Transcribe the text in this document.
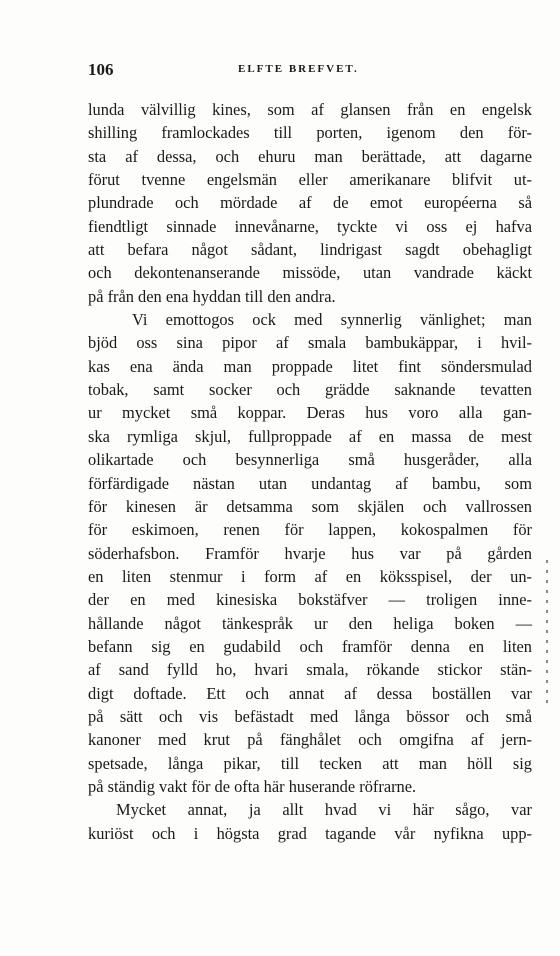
106	ELFTE BREFVET.
lunda välvillig kines, som af glansen från en engelsk
shilling framlockades till porten, igenom den för-
sta af dessa, och ehuru man berättade, att dagarne
förut tvenne engelsmän eller amerikanare blifvit ut-
plundrade och mördade af de emot européerna så
fiendtligt sinnade innevånarne, tyckte vi oss ej hafva
att befara något sådant, lindrigast sagdt obehagligt
och dekontenanserande missöde, utan vandrade käckt
på från den ena hyddan till den andra.
Vi emottogos ock med synnerlig vänlighet; man
bjöd oss sina pipor af smala bambukäppar, i hvil-
kas ena ända man proppade litet fint söndersmulad
tobak, samt socker och grädde saknande tevatten
ur mycket små koppar. Deras hus voro alla gan-
ska rymliga skjul, fullproppade af en massa de mest
olikartade och besynnerliga små husgeråder, alla
förfärdigade nästan utan undantag af bambu, som
för kinesen är detsamma som skjälen och vallrossen
för eskimoen, renen för lappen, kokospalmen för
söderhafsbon. Framför hvarje hus var på gården
en liten stenmur i form af en köksspisel, der un-
der en med kinesiska bokstäfver — troligen inne-
hållande något tänkespråk ur den heliga boken —
befann sig en gudabild och framför denna en liten
af sand fylld ho, hvari smala, rökande stickor stän-
digt doftade. Ett och annat af dessa boställen var
på sätt och vis befästadt med långa bössor och små
kanoner med krut på fänghålet och omgifna af jern-
spetsade, långa pikar, till tecken att man höll sig
på ständig vakt för de ofta här huserande röfrarne.
Mycket annat, ja allt hvad vi här sågo, var
kuriöst och i högsta grad tagande vår nyfikna upp-
